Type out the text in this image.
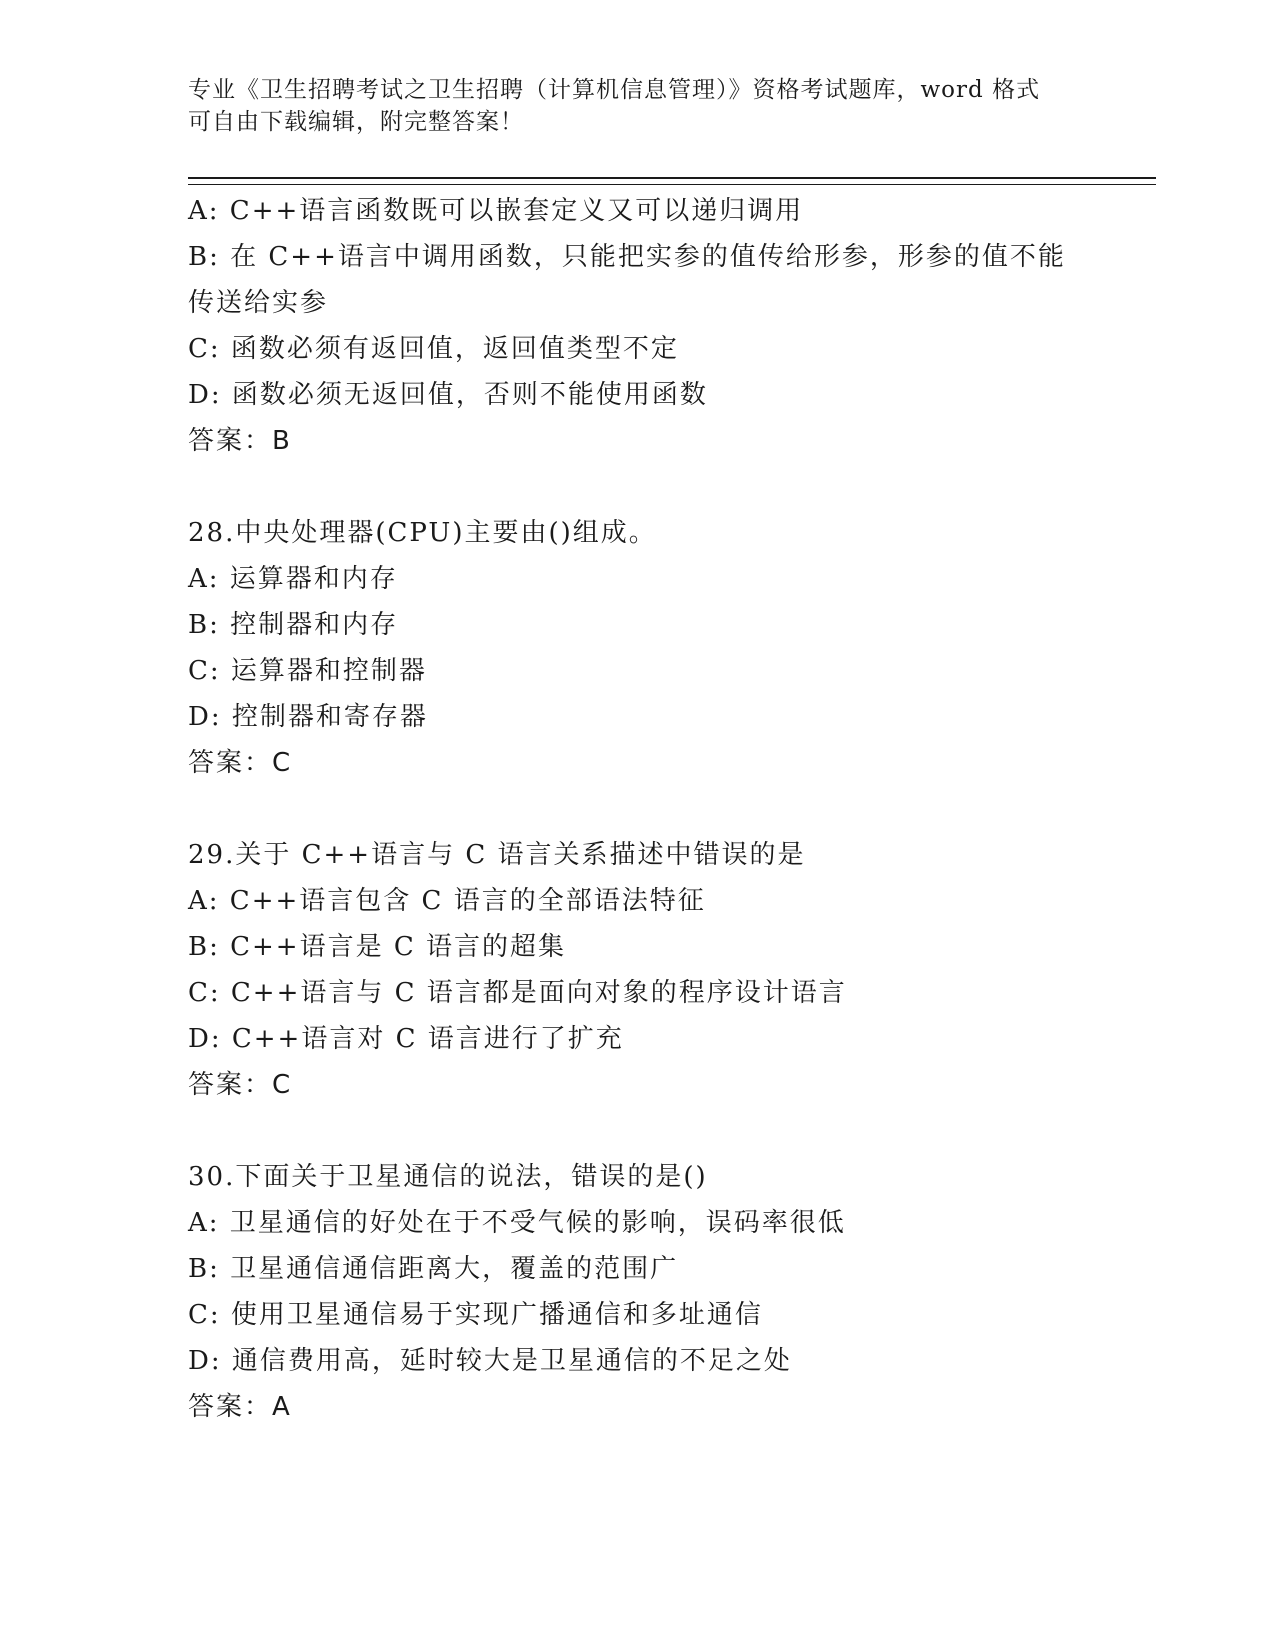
专业《卫生招聘考试之卫生招聘（计算机信息管理）》资格考试题库，word 格式
可自由下载编辑，附完整答案！
A: C++语言函数既可以嵌套定义又可以递归调用
B: 在 C++语言中调用函数，只能把实参的值传给形参，形参的值不能
传送给实参
C: 函数必须有返回值，返回值类型不定
D: 函数必须无返回值，否则不能使用函数
答案：B
28.中央处理器(CPU)主要由()组成。
A: 运算器和内存
B: 控制器和内存
C: 运算器和控制器
D: 控制器和寄存器
答案：C
29.关于 C++语言与 C 语言关系描述中错误的是
A: C++语言包含 C 语言的全部语法特征
B: C++语言是 C 语言的超集
C: C++语言与 C 语言都是面向对象的程序设计语言
D: C++语言对 C 语言进行了扩充
答案：C
30.下面关于卫星通信的说法，错误的是()
A: 卫星通信的好处在于不受气候的影响，误码率很低
B: 卫星通信通信距离大，覆盖的范围广
C: 使用卫星通信易于实现广播通信和多址通信
D: 通信费用高，延时较大是卫星通信的不足之处
答案：A
